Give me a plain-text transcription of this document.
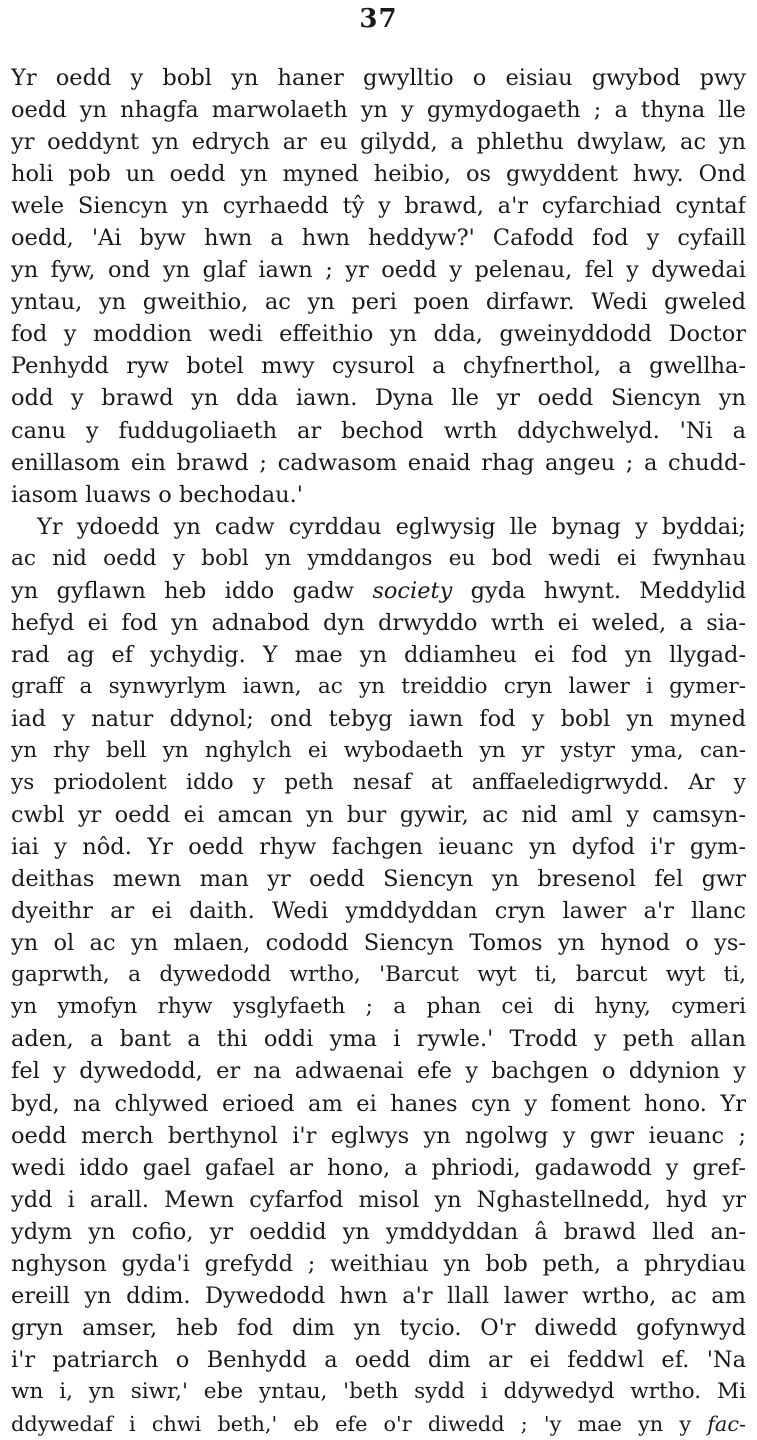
37
Yr oedd y bobl yn haner gwylltio o eisiau gwybod pwy
oedd yn nhagfa marwolaeth yn y gymydogaeth ; a thyna lle
yr oeddynt yn edrych ar eu gilydd, a phlethu dwylaw, ac yn
holi pob un oedd yn myned heibio, os gwyddent hwy. Ond
wele Siencyn yn cyrhaedd tŷ y brawd, a'r cyfarchiad cyntaf
oedd, 'Ai byw hwn a hwn heddyw?' Cafodd fod y cyfaill
yn fyw, ond yn glaf iawn ; yr oedd y pelenau, fel y dywedai
yntau, yn gweithio, ac yn peri poen dirfawr. Wedi gweled
fod y moddion wedi effeithio yn dda, gweinyddodd Doctor
Penhydd ryw botel mwy cysurol a chyfnerthol, a gwellha-
odd y brawd yn dda iawn. Dyna lle yr oedd Siencyn yn
canu y fuddugoliaeth ar bechod wrth ddychwelyd. 'Ni a
enillasom ein brawd ; cadwasom enaid rhag angeu ; a chudd-
iasom luaws o bechodau.'
Yr ydoedd yn cadw cyrddau eglwysig lle bynag y byddai;
ac nid oedd y bobl yn ymddangos eu bod wedi ei fwynhau
yn gyflawn heb iddo gadw society gyda hwynt. Meddylid
hefyd ei fod yn adnabod dyn drwyddo wrth ei weled, a sia-
rad ag ef ychydig. Y mae yn ddiamheu ei fod yn llygad-
graff a synwyrlym iawn, ac yn treiddio cryn lawer i gymer-
iad y natur ddynol; ond tebyg iawn fod y bobl yn myned
yn rhy bell yn nghylch ei wybodaeth yn yr ystyr yma, can-
ys priodolent iddo y peth nesaf at anffaeledigrwydd. Ar y
cwbl yr oedd ei amcan yn bur gywir, ac nid aml y camsyn-
iai y nôd. Yr oedd rhyw fachgen ieuanc yn dyfod i'r gym-
deithas mewn man yr oedd Siencyn yn bresenol fel gwr
dyeithr ar ei daith. Wedi ymddyddan cryn lawer a'r llanc
yn ol ac yn mlaen, cododd Siencyn Tomos yn hynod o ys-
gaprwth, a dywedodd wrtho, 'Barcut wyt ti, barcut wyt ti,
yn ymofyn rhyw ysglyfaeth ; a phan cei di hyny, cymeri
aden, a bant a thi oddi yma i rywle.' Trodd y peth allan
fel y dywedodd, er na adwaenai efe y bachgen o ddynion y
byd, na chlywed erioed am ei hanes cyn y foment hono. Yr
oedd merch berthynol i'r eglwys yn ngolwg y gwr ieuanc ;
wedi iddo gael gafael ar hono, a phriodi, gadawodd y gref-
ydd i arall. Mewn cyfarfod misol yn Nghastellnedd, hyd yr
ydym yn cofio, yr oeddid yn ymddyddan â brawd lled an-
nghyson gyda'i grefydd ; weithiau yn bob peth, a phrydiau
ereill yn ddim. Dywedodd hwn a'r llall lawer wrtho, ac am
gryn amser, heb fod dim yn tycio. O'r diwedd gofynwyd
i'r patriarch o Benhydd a oedd dim ar ei feddwl ef. 'Na
wn i, yn siwr,' ebe yntau, 'beth sydd i ddywedyd wrtho. Mi
ddywedaf i chwi beth,' eb efe o'r diwedd ; 'y mae yn y fac-
